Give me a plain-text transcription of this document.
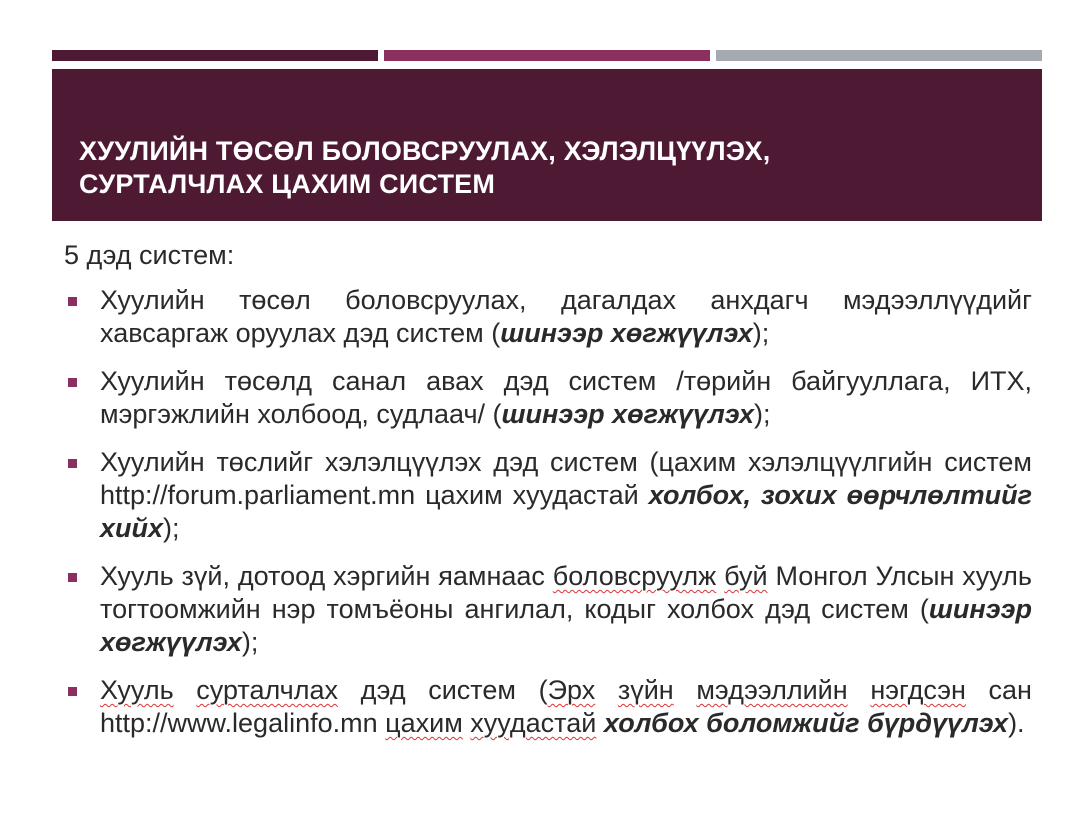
ХУУЛИЙН ТӨСӨЛ БОЛОВСРУУЛАХ, ХЭЛЭЛЦҮҮЛЭХ,
СУРТАЛЧЛАХ ЦАХИМ СИСТЕМ

5 дэд систем:

Хуулийн төсөл боловсруулах, дагалдах анхдагч мэдээллүүдийг хавсаргаж оруулах дэд систем (шинээр хөгжүүлэх);
Хуулийн төсөлд санал авах дэд систем /төрийн байгууллага, ИТХ, мэргэжлийн холбоод, судлаач/ (шинээр хөгжүүлэх);
Хуулийн төслийг хэлэлцүүлэх дэд систем (цахим хэлэлцүүлгийн систем http://forum.parliament.mn цахим хуудастай холбох, зохих өөрчлөлтийг хийх);
Хууль зүй, дотоод хэргийн яамнаас боловсруулж буй Монгол Улсын хууль тогтоомжийн нэр томъёоны ангилал, кодыг холбох дэд систем (шинээр хөгжүүлэх);
Хууль сурталчлах дэд систем (Эрх зүйн мэдээллийн нэгдсэн сан http://www.legalinfo.mn цахим хуудастай холбох боломжийг бүрдүүлэх).
